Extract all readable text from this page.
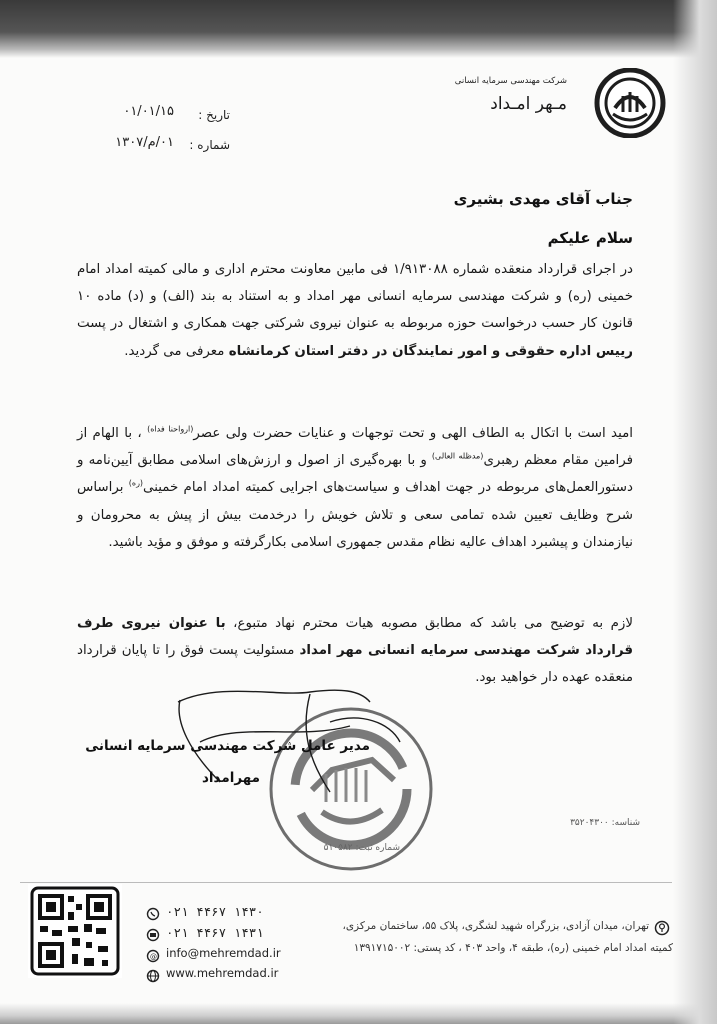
شرکت مهندسی سرمایه انسانی
مـهر امـداد
تاریخ :
۰۱/۰۱/۱۵
شماره :
۰۱/م/۱۳۰۷
جناب آقای مهدی بشیری
سلام علیکم
در اجرای قرارداد منعقده شماره ۱/۹۱۳۰۸۸ فی مابین معاونت محترم اداری و مالی کمیته امداد امام خمینی (ره) و شرکت مهندسی سرمایه انسانی مهر امداد و به استناد به بند (الف) و (د) ماده ۱۰ قانون کار حسب درخواست حوزه مربوطه به عنوان نیروی شرکتی جهت همکاری و اشتغال در پست رییس اداره حقوقی و امور نمایندگان در دفتر استان کرمانشاه معرفی می گردید.
امید است با اتکال به الطاف الهی و تحت توجهات و عنایات حضرت ولی عصر$^{(ارواحنا فداه)}$ ، با الهام از فرامین مقام معظم رهبری$^{(مدظله العالی)}$ و با بهره‌گیری از اصول و ارزش‌های اسلامی مطابق آیین‌نامه و دستورالعمل‌های مربوطه در جهت اهداف و سیاست‌های اجرایی کمیته امداد امام خمینی$^{(ره)}$ براساس شرح وظایف تعیین شده تمامی سعی و تلاش خویش را درخدمت بیش از پیش به محرومان و نیازمندان و پیشبرد اهداف عالیه نظام مقدس جمهوری اسلامی بکارگرفته و موفق و مؤید باشید.
لازم به توضیح می باشد که مطابق مصوبه هیات محترم نهاد متبوع، با عنوان نیروی طرف قرارداد شرکت مهندسی سرمایه انسانی مهر امداد مسئولیت پست فوق را تا پایان قرارداد منعقده عهده دار خواهید بود.
مدیر عامل شرکت مهندسی سرمایه انسانی
مهرامداد
شناسه: ۳۵۲۰۴۳۰۰
شماره ثبت: ۵۱۰۵۸۲
۰۲۱ ۴۴۶۷ ۱۴۳۰
۰۲۱ ۴۴۶۷ ۱۴۳۱
@ info@mehremdad.ir
www.mehremdad.ir
تهران، میدان آزادی، بزرگراه شهید لشگری، پلاک ۵۵، ساختمان مرکزی،
کمیته امداد امام خمینی (ره)، طبقه ۴، واحد ۴۰۳ ، کد پستی: ۱۳۹۱۷۱۵۰۰۲
